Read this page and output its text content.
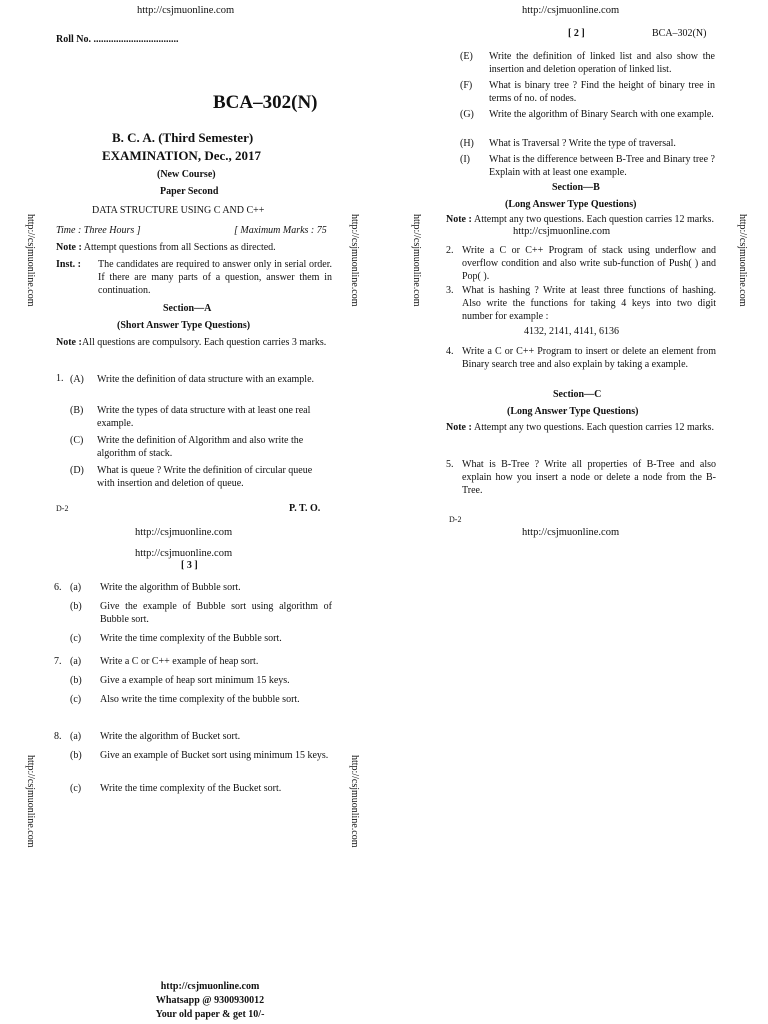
http://csjmuonline.com	http://csjmuonline.com
http://csjmuonline.com	http://csjmuonline.com	http://csjmuonline.com	http://csjmuonline.com
http://csjmuonline.com	http://csjmuonline.com
Roll No. ..................................
BCA–302(N)
B. C. A. (Third Semester)
EXAMINATION, Dec., 2017
(New Course)
Paper Second
DATA STRUCTURE USING C AND C++
Time : Three Hours ]	[ Maximum Marks : 75
Note : Attempt questions from all Sections as directed.
Inst. : The candidates are required to answer only in serial order. If there are many parts of a question, answer them in continuation.
Section—A
(Short Answer Type Questions)
Note : All questions are compulsory. Each question carries 3 marks.
1. (A) Write the definition of data structure with an example.
(B) Write the types of data structure with at least one real example.
(C) Write the definition of Algorithm and also write the algorithm of stack.
(D) What is queue ? Write the definition of circular queue with insertion and deletion of queue.
D-2	P. T. O.
[ 2 ]	BCA–302(N)
(E) Write the definition of linked list and also show the insertion and deletion operation of linked list.
(F) What is binary tree ? Find the height of binary tree in terms of no. of nodes.
(G) Write the algorithm of Binary Search with one example.
(H) What is Traversal ? Write the type of traversal.
(I) What is the difference between B-Tree and Binary tree ? Explain with at least one example.
Section—B
(Long Answer Type Questions)
Note : Attempt any two questions. Each question carries 12 marks.
http://csjmuonline.com
2. Write a C or C++ Program of stack using underflow and overflow condition and also write sub-function of Push( ) and Pop( ).
3. What is hashing ? Write at least three functions of hashing. Also write the functions for taking 4 keys into two digit number for example :
4132, 2141, 4141, 6136
4. Write a C or C++ Program to insert or delete an element from Binary search tree and also explain by taking a example.
Section—C
(Long Answer Type Questions)
Note : Attempt any two questions. Each question carries 12 marks.
5. What is B-Tree ? Write all properties of B-Tree and also explain how you insert a node or delete a node from the B-Tree.
D-2
http://csjmuonline.com
http://csjmuonline.com
http://csjmuonline.com
[ 3 ]
6. (a) Write the algorithm of Bubble sort.
(b) Give the example of Bubble sort using algorithm of Bubble sort.
(c) Write the time complexity of the Bubble sort.
7. (a) Write a C or C++ example of heap sort.
(b) Give a example of heap sort minimum 15 keys.
(c) Also write the time complexity of the bubble sort.
8. (a) Write the algorithm of Bucket sort.
(b) Give an example of Bucket sort using minimum 15 keys.
(c) Write the time complexity of the Bucket sort.
http://csjmuonline.com
Whatsapp @ 9300930012
Your old paper & get 10/-
